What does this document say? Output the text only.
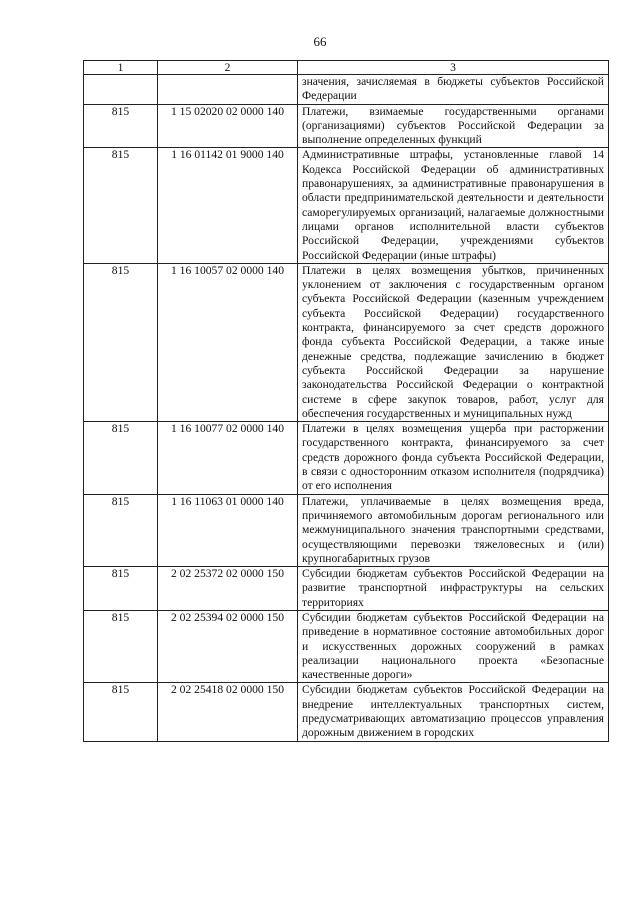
66
1	2	3
		значения, зачисляемая в бюджеты субъектов Российской Федерации
815	1 15 02020 02 0000 140	Платежи, взимаемые государственными органами (организациями) субъектов Российской Федерации за выполнение определенных функций
815	1 16 01142 01 9000 140	Административные штрафы, установленные главой 14 Кодекса Российской Федерации об административных правонарушениях, за административные правонарушения в области предпринимательской деятельности и деятельности саморегулируемых организаций, налагаемые должностными лицами органов исполнительной власти субъектов Российской Федерации, учреждениями субъектов Российской Федерации (иные штрафы)
815	1 16 10057 02 0000 140	Платежи в целях возмещения убытков, причиненных уклонением от заключения с государственным органом субъекта Российской Федерации (казенным учреждением субъекта Российской Федерации) государственного контракта, финансируемого за счет средств дорожного фонда субъекта Российской Федерации, а также иные денежные средства, подлежащие зачислению в бюджет субъекта Российской Федерации за нарушение законодательства Российской Федерации о контрактной системе в сфере закупок товаров, работ, услуг для обеспечения государственных и муниципальных нужд
815	1 16 10077 02 0000 140	Платежи в целях возмещения ущерба при расторжении государственного контракта, финансируемого за счет средств дорожного фонда субъекта Российской Федерации, в связи с односторонним отказом исполнителя (подрядчика) от его исполнения
815	1 16 11063 01 0000 140	Платежи, уплачиваемые в целях возмещения вреда, причиняемого автомобильным дорогам регионального или межмуниципального значения транспортными средствами, осуществляющими перевозки тяжеловесных и (или) крупногабаритных грузов
815	2 02 25372 02 0000 150	Субсидии бюджетам субъектов Российской Федерации на развитие транспортной инфраструктуры на сельских территориях
815	2 02 25394 02 0000 150	Субсидии бюджетам субъектов Российской Федерации на приведение в нормативное состояние автомобильных дорог и искусственных дорожных сооружений в рамках реализации национального проекта «Безопасные качественные дороги»
815	2 02 25418 02 0000 150	Субсидии бюджетам субъектов Российской Федерации на внедрение интеллектуальных транспортных систем, предусматривающих автоматизацию процессов управления дорожным движением в городских
